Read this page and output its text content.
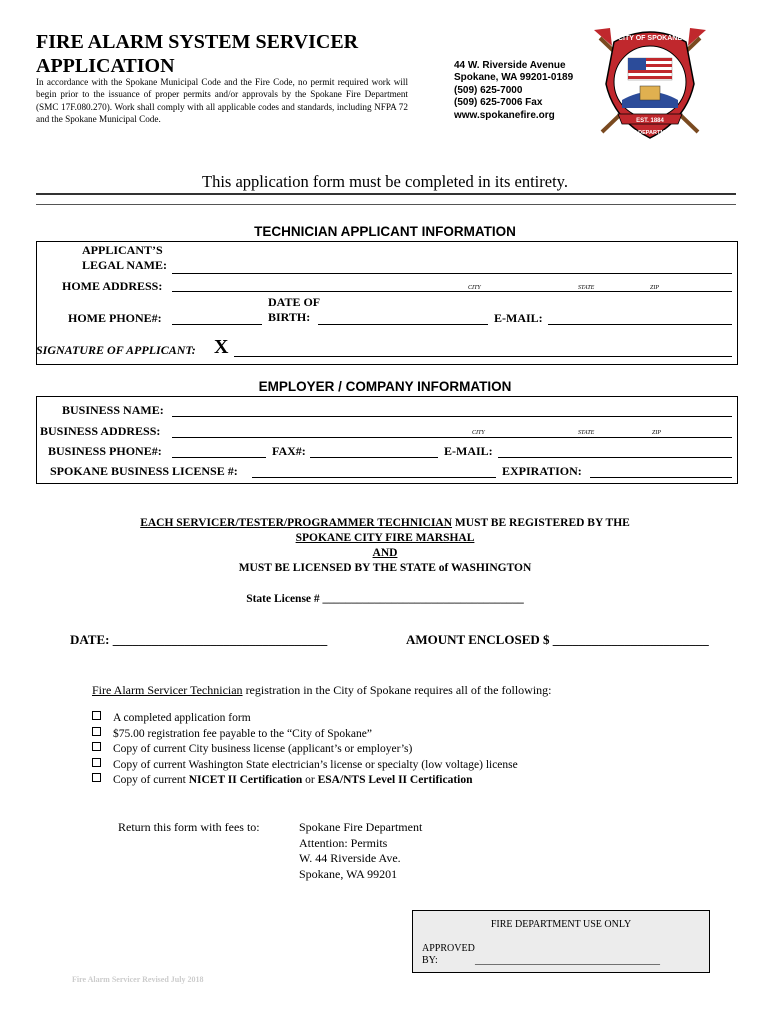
FIRE ALARM SYSTEM SERVICER
APPLICATION
In accordance with the Spokane Municipal Code and the Fire Code, no permit required work will begin prior to the issuance of proper permits and/or approvals by the Spokane Fire Department (SMC 17F.080.270). Work shall comply with all applicable codes and standards, including NFPA 72 and the Spokane Municipal Code.
44 W. Riverside Avenue
Spokane, WA 99201-0189
(509) 625-7000
(509) 625-7006 Fax
www.spokanefire.org
EST. 1884
CITY OF SPOKANE
FIRE DEPARTMENT
This application form must be completed in its entirety.
TECHNICIAN APPLICANT INFORMATION
APPLICANT’S
LEGAL NAME:
HOME ADDRESS:	CITY	STATE	ZIP
HOME PHONE#:
DATE OF
BIRTH:	E-MAIL:
SIGNATURE OF APPLICANT: X
EMPLOYER / COMPANY INFORMATION
BUSINESS NAME:
BUSINESS ADDRESS:	CITY	STATE	ZIP
BUSINESS PHONE#:	FAX#:	E-MAIL:
SPOKANE BUSINESS LICENSE #:	EXPIRATION:
EACH SERVICER/TESTER/PROGRAMMER TECHNICIAN MUST BE REGISTERED BY THE
SPOKANE CITY FIRE MARSHAL
AND
MUST BE LICENSED BY THE STATE of WASHINGTON
State License # ___________________________________
DATE: _________________________________	AMOUNT ENCLOSED $ ________________________
Fire Alarm Servicer Technician registration in the City of Spokane requires all of the following:
A completed application form
$75.00 registration fee payable to the “City of Spokane”
Copy of current City business license (applicant’s or employer’s)
Copy of current Washington State electrician’s license or specialty (low voltage) license
Copy of current NICET II Certification or ESA/NTS Level II Certification
Return this form with fees to:	Spokane Fire Department
Attention: Permits
W. 44 Riverside Ave.
Spokane, WA 99201
FIRE DEPARTMENT USE ONLY
APPROVED
BY:	_____________________________________
Fire Alarm Servicer Revised July 2018
